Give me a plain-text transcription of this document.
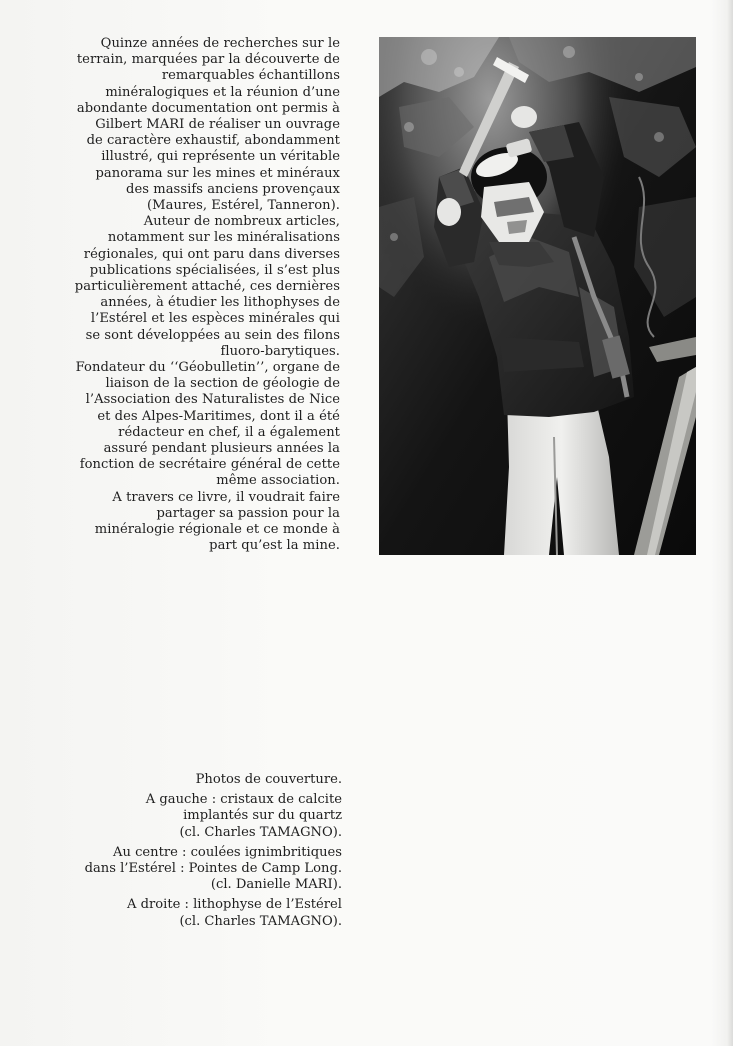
Quinze années de recherches sur le
terrain, marquées par la découverte de
remarquables échantillons
minéralogiques et la réunion d’une
abondante documentation ont permis à
Gilbert MARI de réaliser un ouvrage
de caractère exhaustif, abondamment
illustré, qui représente un véritable
panorama sur les mines et minéraux
des massifs anciens provençaux
(Maures, Estérel, Tanneron).
Auteur de nombreux articles,
notamment sur les minéralisations
régionales, qui ont paru dans diverses
publications spécialisées, il s’est plus
particulièrement attaché, ces dernières
années, à étudier les lithophyses de
l’Estérel et les espèces minérales qui
se sont développées au sein des filons
fluoro-barytiques.
Fondateur du ‘‘Géobulletin’’, organe de
liaison de la section de géologie de
l’Association des Naturalistes de Nice
et des Alpes-Maritimes, dont il a été
rédacteur en chef, il a également
assuré pendant plusieurs années la
fonction de secrétaire général de cette
même association.
A travers ce livre, il voudrait faire
partager sa passion pour la
minéralogie régionale et ce monde à
part qu’est la mine.
Photos de couverture.
A gauche : cristaux de calcite
implantés sur du quartz
(cl. Charles TAMAGNO).
Au centre : coulées ignimbritiques
dans l’Estérel : Pointes de Camp Long.
(cl. Danielle MARI).
A droite : lithophyse de l’Estérel
(cl. Charles TAMAGNO).
